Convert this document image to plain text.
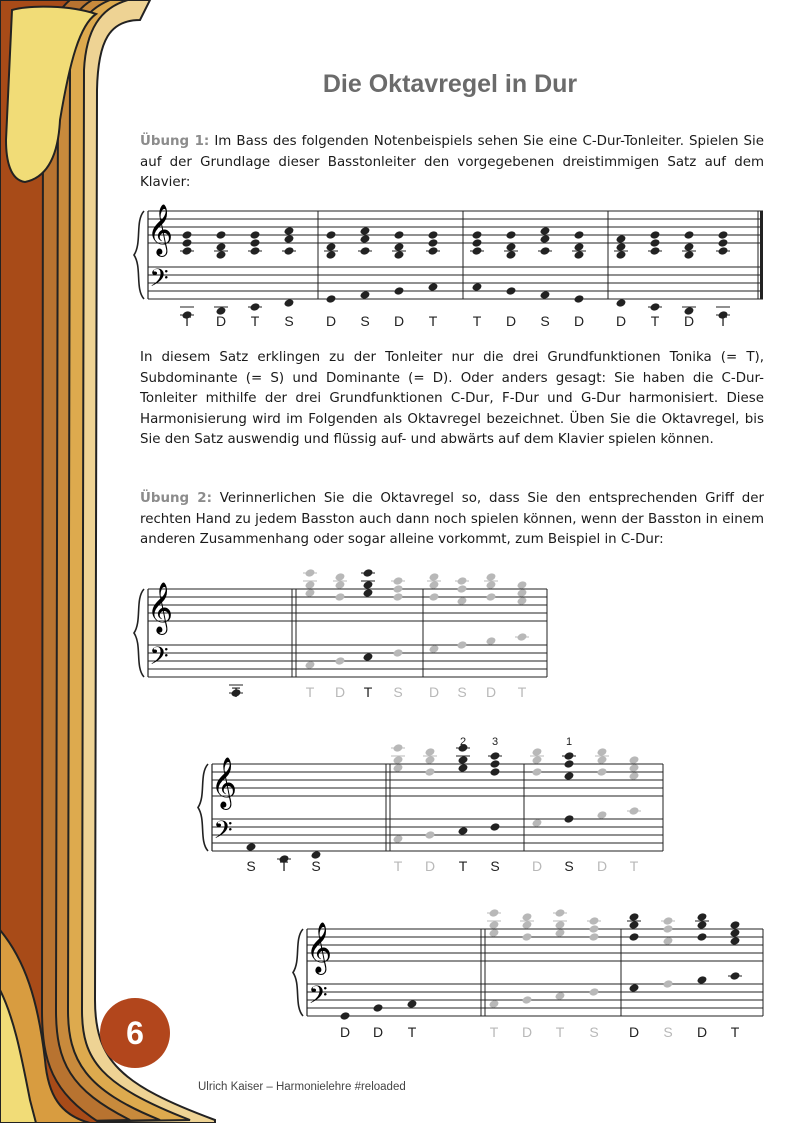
Die Oktavregel in Dur
Übung 1: Im Bass des folgenden Notenbeispiels sehen Sie eine C-Dur-Tonleiter. Spielen Sie auf der Grundlage dieser Basstonleiter den vorgegebenen dreistimmigen Satz auf dem Klavier:
𝄞
𝄢
T D T S D S D T	T D S D D T D T
In diesem Satz erklingen zu der Tonleiter nur die drei Grundfunktionen Tonika (= T), Subdominante (= S) und Dominante (= D). Oder anders gesagt: Sie haben die C-Dur-Tonleiter mithilfe der drei Grundfunktionen C-Dur, F-Dur und G-Dur harmonisiert. Diese Harmonisierung wird im Folgenden als Oktavregel bezeichnet. Üben Sie die Oktavregel, bis Sie den Satz auswendig und flüssig auf- und abwärts auf dem Klavier spielen können.
Übung 2: Verinnerlichen Sie die Oktavregel so, dass Sie den entsprechenden Griff der rechten Hand zu jedem Basston auch dann noch spielen können, wenn der Basston in einem anderen Zusammenhang oder sogar alleine vorkommt, zum Beispiel in C-Dur:
𝄞
𝄢
T	T D T S D S D T
𝄞
𝄢
S T S	T D T S D S D T
2 3	1
𝄞
𝄢
D D T	T D T S D S D T
6
Ulrich Kaiser – Harmonielehre #reloaded
